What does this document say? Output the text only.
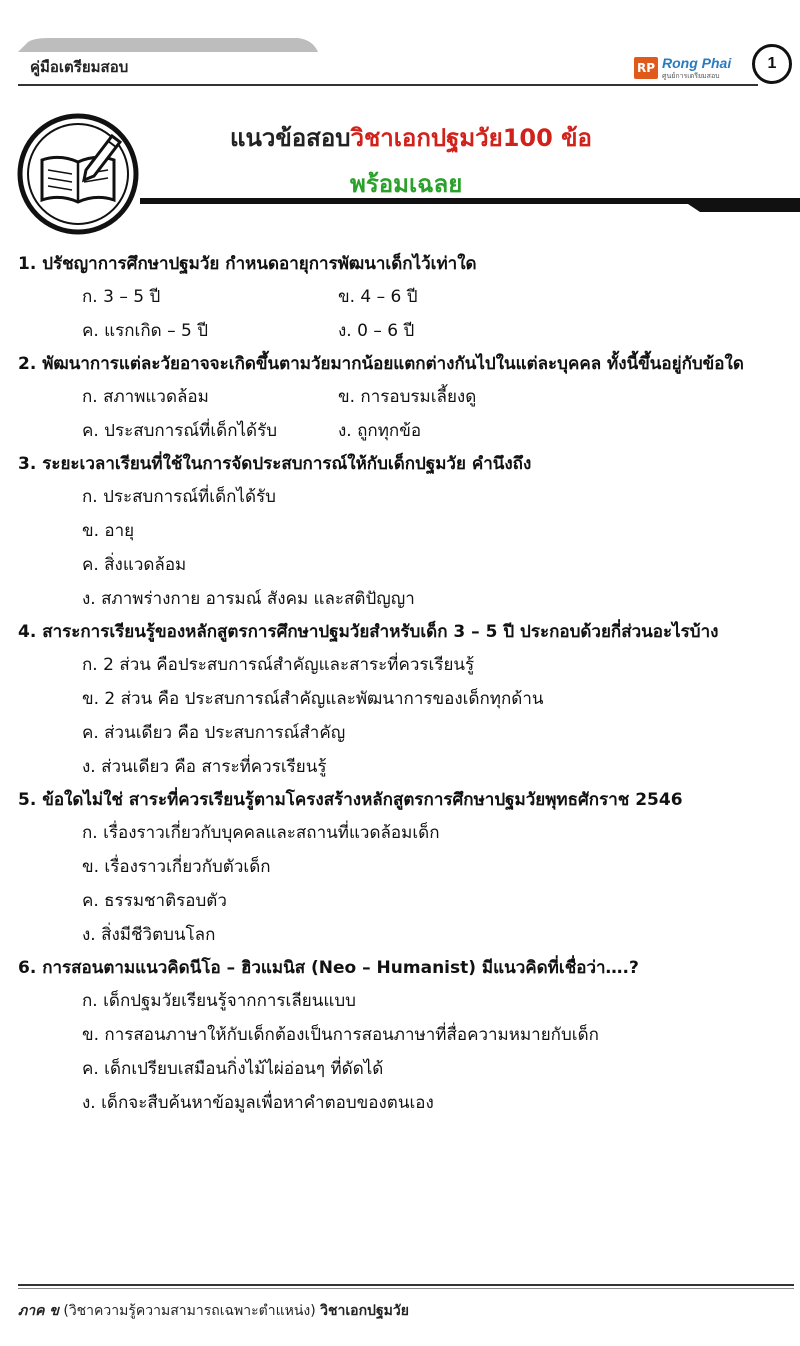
คู่มือเตรียมสอบ	RP Rong Phai
ศูนย์การเตรียมสอบ
1
แนวข้อสอบวิชาเอกปฐมวัย100 ข้อ
พร้อมเฉลย
1. ปรัชญาการศึกษาปฐมวัย กำหนดอายุการพัฒนาเด็กไว้เท่าใด
ก. 3 – 5 ปี	ข. 4 – 6 ปี
ค. แรกเกิด – 5 ปี	ง. 0 – 6 ปี
2. พัฒนาการแต่ละวัยอาจจะเกิดขึ้นตามวัยมากน้อยแตกต่างกันไปในแต่ละบุคคล ทั้งนี้ขึ้นอยู่กับข้อใด
ก. สภาพแวดล้อม	ข. การอบรมเลี้ยงดู
ค. ประสบการณ์ที่เด็กได้รับ	ง. ถูกทุกข้อ
3. ระยะเวลาเรียนที่ใช้ในการจัดประสบการณ์ให้กับเด็กปฐมวัย คำนึงถึง
ก. ประสบการณ์ที่เด็กได้รับ
ข. อายุ
ค. สิ่งแวดล้อม
ง. สภาพร่างกาย อารมณ์ สังคม และสติปัญญา
4. สาระการเรียนรู้ของหลักสูตรการศึกษาปฐมวัยสำหรับเด็ก 3 – 5 ปี ประกอบด้วยกี่ส่วนอะไรบ้าง
ก. 2 ส่วน คือประสบการณ์สำคัญและสาระที่ควรเรียนรู้
ข. 2 ส่วน คือ ประสบการณ์สำคัญและพัฒนาการของเด็กทุกด้าน
ค. ส่วนเดียว คือ ประสบการณ์สำคัญ
ง. ส่วนเดียว คือ สาระที่ควรเรียนรู้
5. ข้อใดไม่ใช่ สาระที่ควรเรียนรู้ตามโครงสร้างหลักสูตรการศึกษาปฐมวัยพุทธศักราช 2546
ก. เรื่องราวเกี่ยวกับบุคคลและสถานที่แวดล้อมเด็ก
ข. เรื่องราวเกี่ยวกับตัวเด็ก
ค. ธรรมชาติรอบตัว
ง. สิ่งมีชีวิตบนโลก
6. การสอนตามแนวคิดนีโอ – ฮิวแมนิส (Neo – Humanist) มีแนวคิดที่เชื่อว่า….?
ก. เด็กปฐมวัยเรียนรู้จากการเลียนแบบ
ข. การสอนภาษาให้กับเด็กต้องเป็นการสอนภาษาที่สื่อความหมายกับเด็ก
ค. เด็กเปรียบเสมือนกิ่งไม้ไผ่อ่อนๆ ที่ดัดได้
ง. เด็กจะสืบค้นหาข้อมูลเพื่อหาคำตอบของตนเอง
ภาค ข (วิชาความรู้ความสามารถเฉพาะตำแหน่ง) วิชาเอกปฐมวัย
